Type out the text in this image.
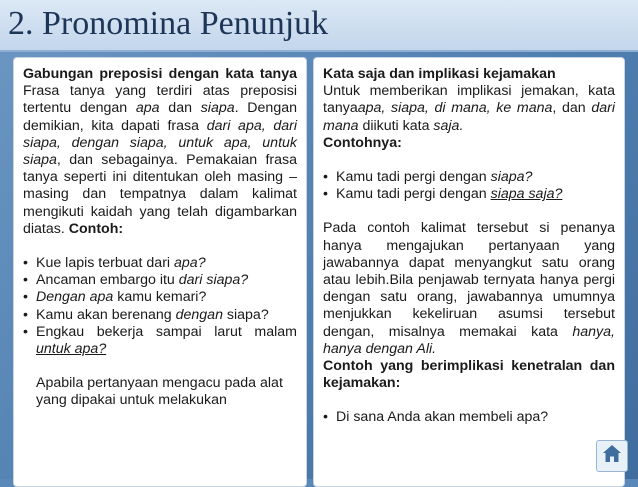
2. Pronomina Penunjuk

Gabungan preposisi dengan kata tanya

Frasa tanya yang terdiri atas preposisi tertentu dengan apa dan siapa. Dengan demikian, kita dapati frasa dari apa, dari siapa, dengan siapa, untuk apa, untuk siapa, dan sebagainya. Pemakaian frasa tanya seperti ini ditentukan oleh masing – masing dan tempatnya dalam kalimat mengikuti kaidah yang telah digambarkan diatas. Contoh:

• Kue lapis terbuat dari apa?
• Ancaman embargo itu dari siapa?
• Dengan apa kamu kemari?
• Kamu akan berenang dengan siapa?
• Engkau bekerja sampai larut malam untuk apa?

Apabila pertanyaan mengacu pada alat yang dipakai untuk melakukan

Kata saja dan implikasi kejamakan

Untuk memberikan implikasi jemakan, kata tanyaapa, siapa, di mana, ke mana, dan dari mana diikuti kata saja.

Contohnya:

• Kamu tadi pergi dengan siapa?
• Kamu tadi pergi dengan siapa saja?

Pada contoh kalimat tersebut si penanya hanya mengajukan pertanyaan yang jawabannya dapat menyangkut satu orang atau lebih.Bila penjawab ternyata hanya pergi dengan satu orang, jawabannya umumnya menjukkan kekeliruan asumsi tersebut dengan, misalnya memakai kata hanya, hanya dengan Ali.

Contoh yang berimplikasi kenetralan dan kejamakan:

• Di sana Anda akan membeli apa?
